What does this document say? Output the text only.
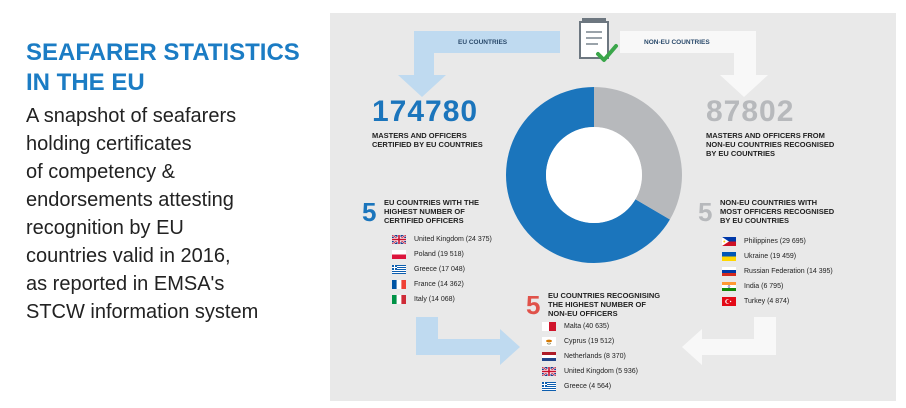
SEAFARER STATISTICS
IN THE EU

A snapshot of seafarers
holding certificates
of competency &
endorsements attesting
recognition by EU
countries valid in 2016,
as reported in EMSA's
STCW information system

EU COUNTRIES	NON-EU COUNTRIES
174780
MASTERS AND OFFICERS
CERTIFIED BY EU COUNTRIES
87802
MASTERS AND OFFICERS FROM
NON-EU COUNTRIES RECOGNISED
BY EU COUNTRIES
5 EU COUNTRIES WITH THE
HIGHEST NUMBER OF
CERTIFIED OFFICERS
United Kingdom (24 375)
Poland (19 518)
Greece (17 048)
France (14 362)
Italy (14 068)
5 NON-EU COUNTRIES WITH
MOST OFFICERS RECOGNISED
BY EU COUNTRIES
Philippines (29 695)
Ukraine (19 459)
Russian Federation (14 395)
India (6 795)
Turkey (4 874)
5 EU COUNTRIES RECOGNISING
THE HIGHEST NUMBER OF
NON-EU OFFICERS
Malta (40 635)
Cyprus (19 512)
Netherlands (8 370)
United Kingdom (5 936)
Greece (4 564)
